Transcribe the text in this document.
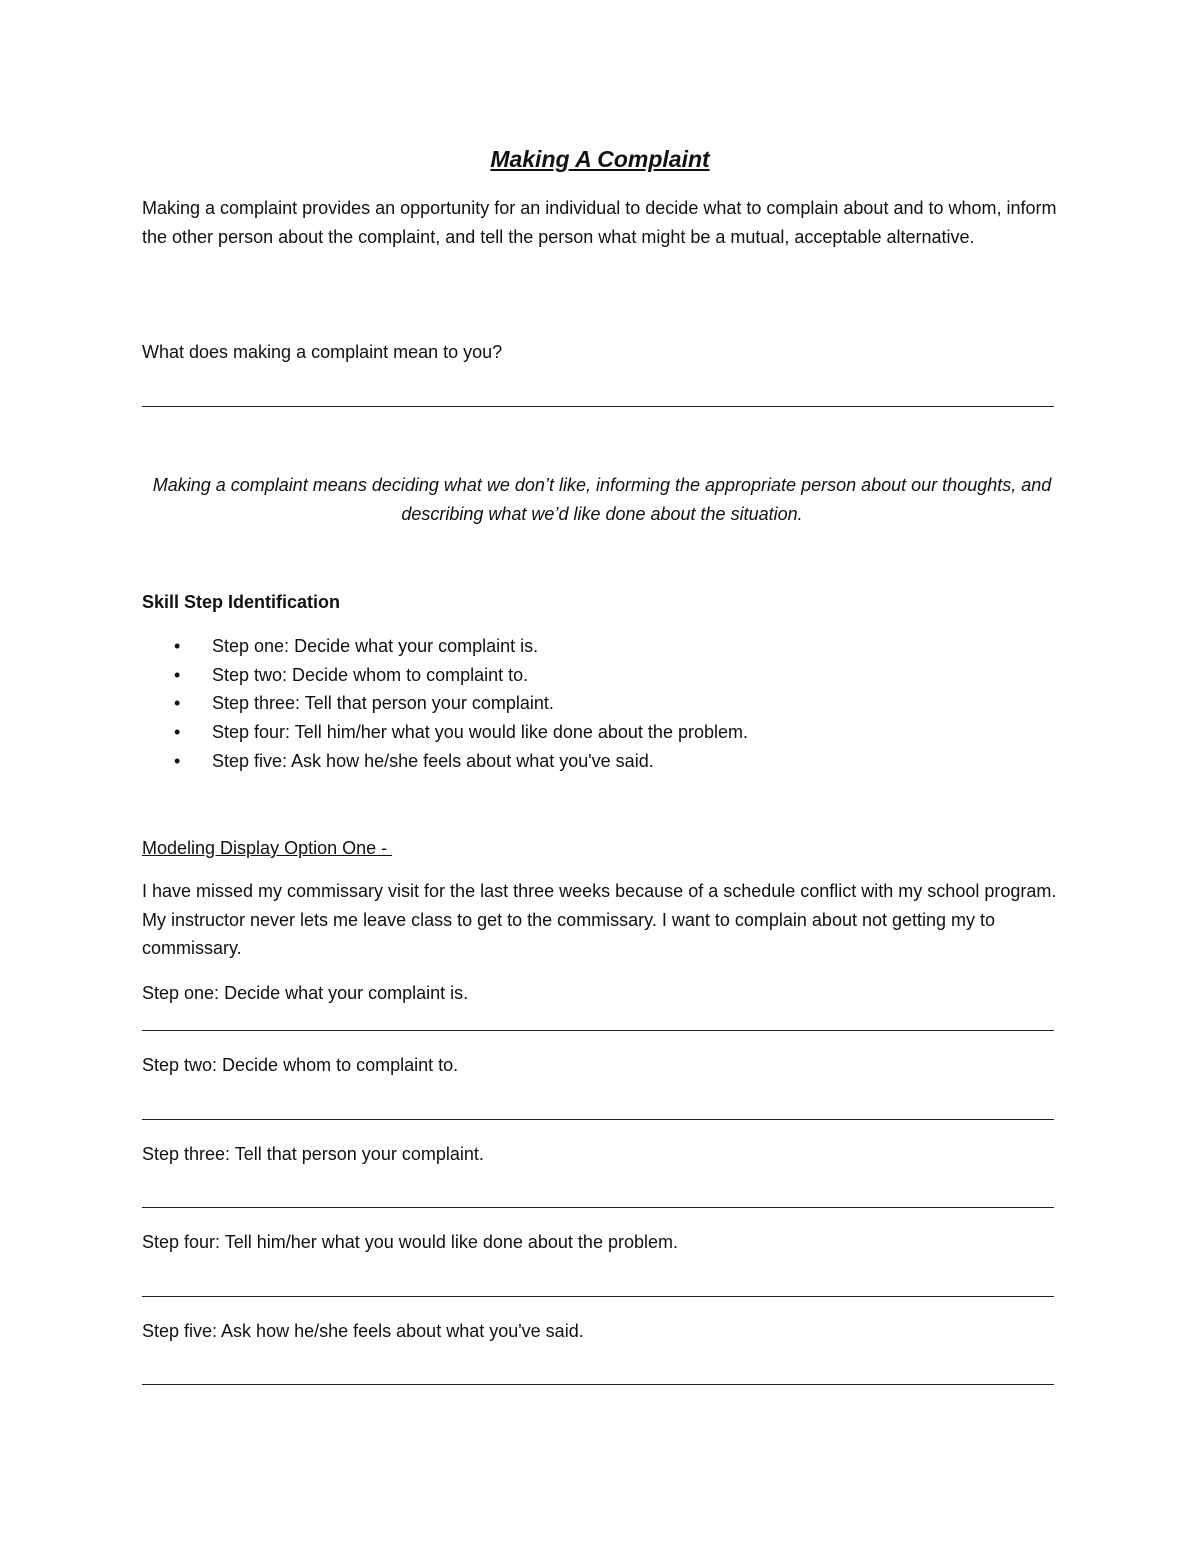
Making A Complaint

Making a complaint provides an opportunity for an individual to decide what to complain about and to whom, inform the other person about the complaint, and tell the person what might be a mutual, acceptable alternative.

What does making a complaint mean to you?

Making a complaint means deciding what we don’t like, informing the appropriate person about our thoughts, and describing what we’d like done about the situation.

Skill Step Identification

• Step one: Decide what your complaint is.
• Step two: Decide whom to complaint to.
• Step three: Tell that person your complaint.
• Step four: Tell him/her what you would like done about the problem.
• Step five: Ask how he/she feels about what you've said.

Modeling Display Option One -

I have missed my commissary visit for the last three weeks because of a schedule conflict with my school program. My instructor never lets me leave class to get to the commissary. I want to complain about not getting my to commissary.

Step one: Decide what your complaint is.

Step two: Decide whom to complaint to.

Step three: Tell that person your complaint.

Step four: Tell him/her what you would like done about the problem.

Step five: Ask how he/she feels about what you've said.
